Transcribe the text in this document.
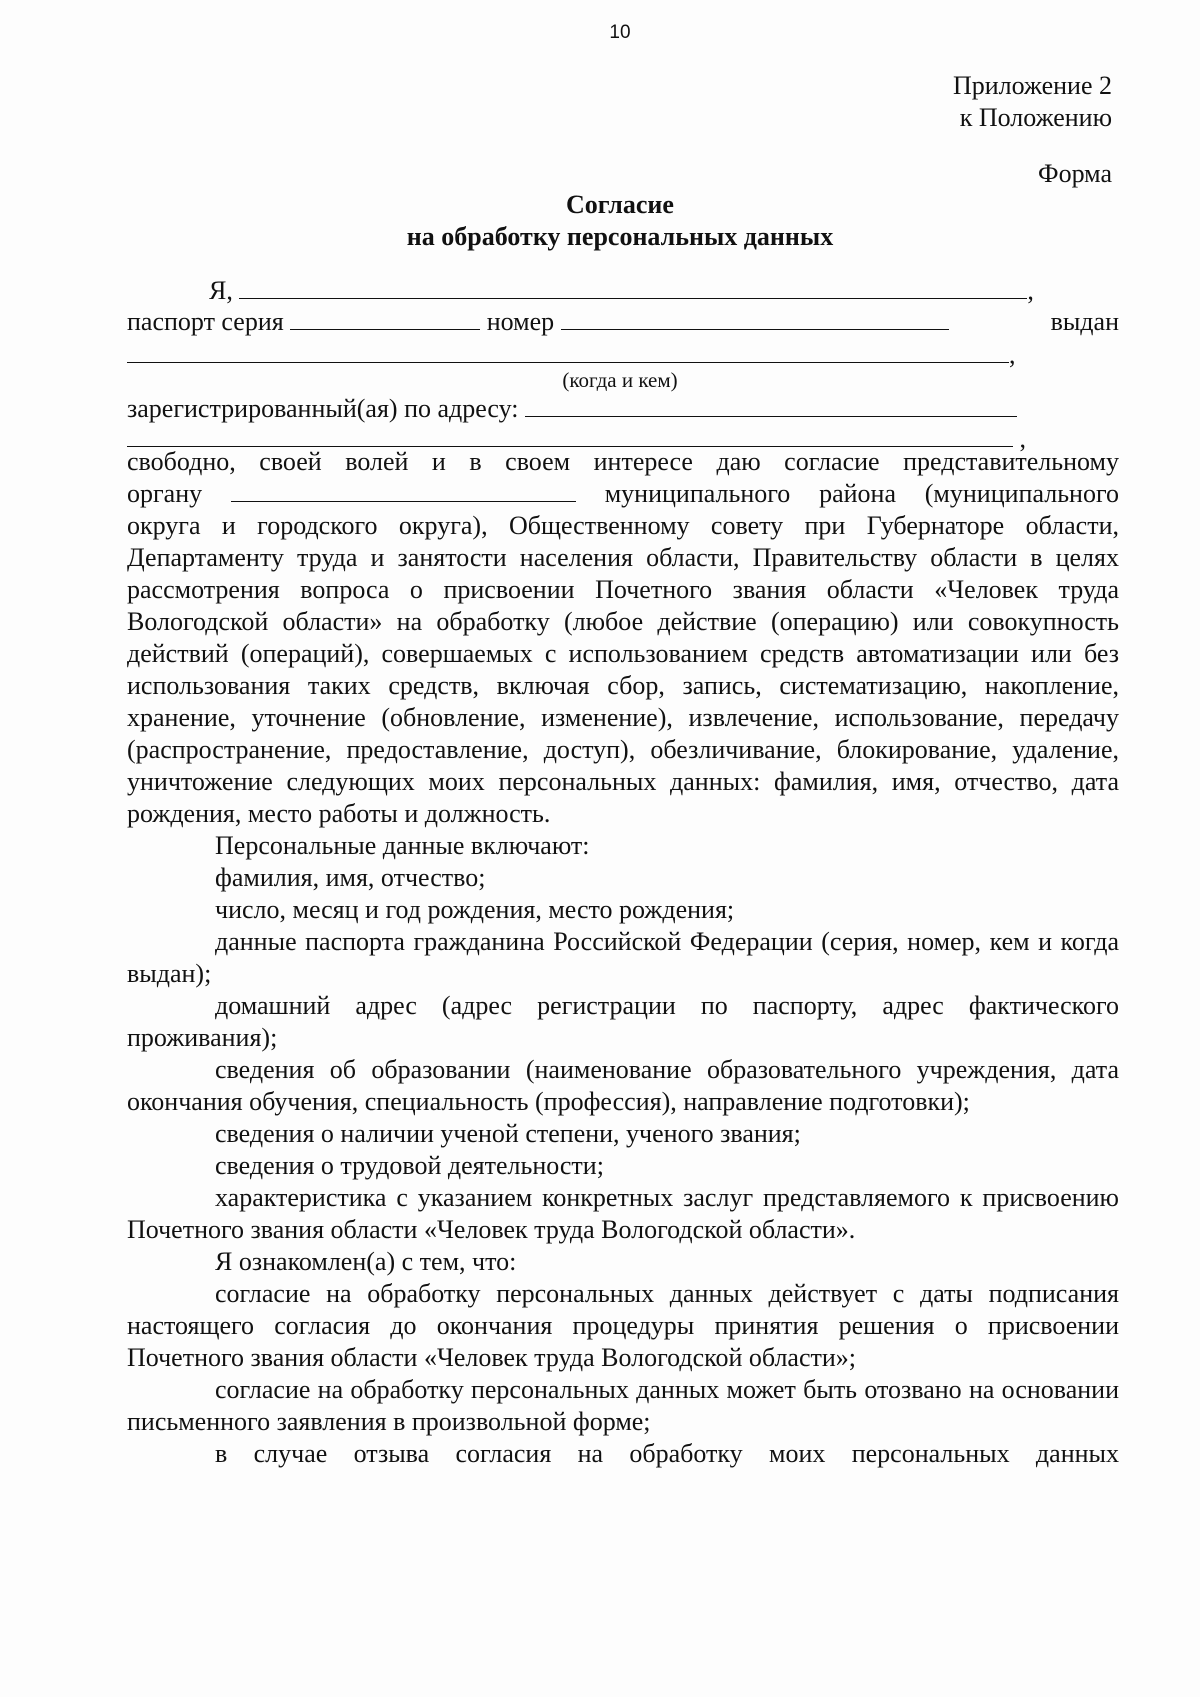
10
Приложение 2
к Положению
Форма
Согласие
на обработку персональных данных
Я,	,
паспорт серия	номер	выдан
,
(когда и кем)
зарегистрированный(ая) по адресу:
,

свободно, своей волей и в своем интересе даю согласие представительному

органу	муниципального района (муниципального

округа и городского округа), Общественному совету при Губернаторе области, Департаменту труда и занятости населения области, Правительству области в целях рассмотрения вопроса о присвоении Почетного звания области «Человек труда Вологодской области» на обработку (любое действие (операцию) или совокупность действий (операций), совершаемых с использованием средств автоматизации или без использования таких средств, включая сбор, запись, систематизацию, накопление, хранение, уточнение (обновление, изменение), извлечение, использование, передачу (распространение, предоставление, доступ), обезличивание, блокирование, удаление, уничтожение следующих моих персональных данных: фамилия, имя, отчество, дата рождения, место работы и должность.

Персональные данные включают:

фамилия, имя, отчество;

число, месяц и год рождения, место рождения;

данные паспорта гражданина Российской Федерации (серия, номер, кем и когда выдан);

домашний адрес (адрес регистрации по паспорту, адрес фактического проживания);

сведения об образовании (наименование образовательного учреждения, дата окончания обучения, специальность (профессия), направление подготовки);

сведения о наличии ученой степени, ученого звания;

сведения о трудовой деятельности;

характеристика с указанием конкретных заслуг представляемого к присвоению Почетного звания области «Человек труда Вологодской области».

Я ознакомлен(а) с тем, что:

согласие на обработку персональных данных действует с даты подписания настоящего согласия до окончания процедуры принятия решения о присвоении Почетного звания области «Человек труда Вологодской области»;

согласие на обработку персональных данных может быть отозвано на основании письменного заявления в произвольной форме;

в случае отзыва согласия на обработку моих персональных данных
